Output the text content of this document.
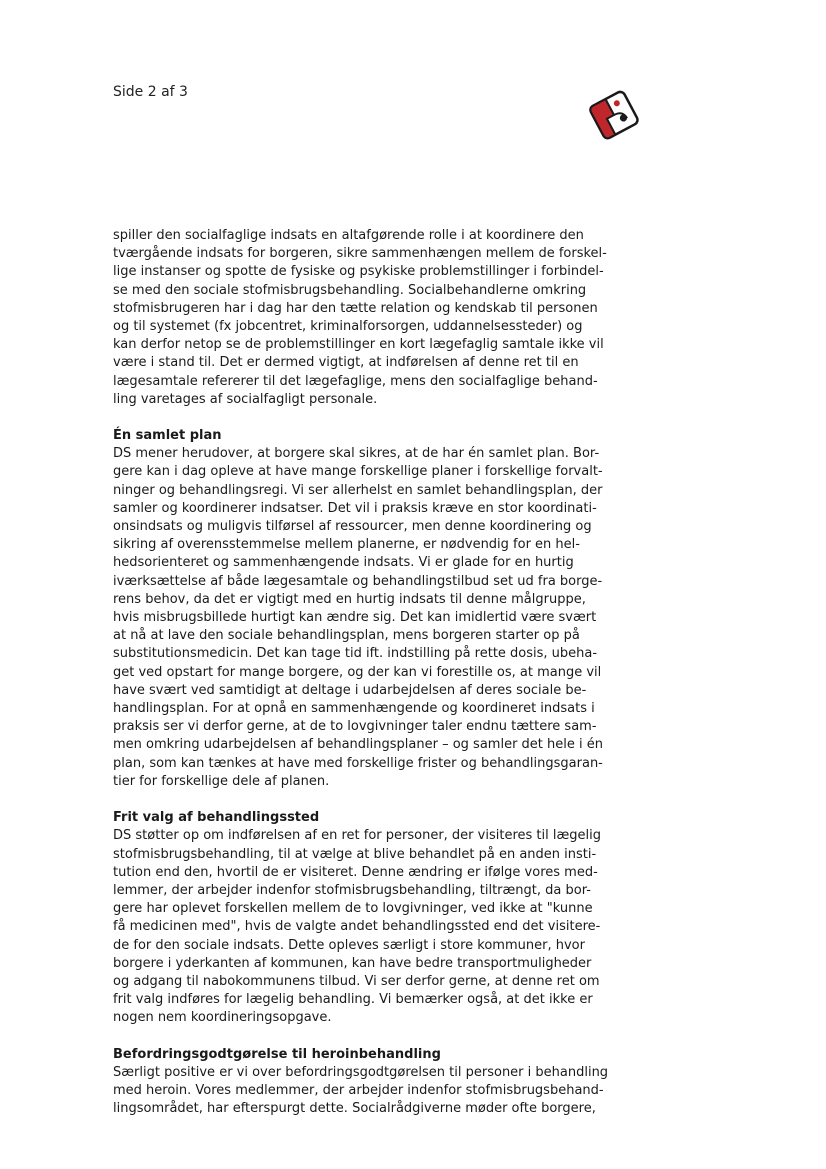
Side 2 af 3

spiller den socialfaglige indsats en altafgørende rolle i at koordinere den

tværgående indsats for borgeren, sikre sammenhængen mellem de forskel-

lige instanser og spotte de fysiske og psykiske problemstillinger i forbindel-

se med den sociale stofmisbrugsbehandling. Socialbehandlerne omkring

stofmisbrugeren har i dag har den tætte relation og kendskab til personen

og til systemet (fx jobcentret, kriminalforsorgen, uddannelsessteder) og

kan derfor netop se de problemstillinger en kort lægefaglig samtale ikke vil

være i stand til. Det er dermed vigtigt, at indførelsen af denne ret til en

lægesamtale refererer til det lægefaglige, mens den socialfaglige behand-

ling varetages af socialfagligt personale.

Én samlet plan

DS mener herudover, at borgere skal sikres, at de har én samlet plan. Bor-

gere kan i dag opleve at have mange forskellige planer i forskellige forvalt-

ninger og behandlingsregi. Vi ser allerhelst en samlet behandlingsplan, der

samler og koordinerer indsatser. Det vil i praksis kræve en stor koordinati-

onsindsats og muligvis tilførsel af ressourcer, men denne koordinering og

sikring af overensstemmelse mellem planerne, er nødvendig for en hel-

hedsorienteret og sammenhængende indsats. Vi er glade for en hurtig

iværksættelse af både lægesamtale og behandlingstilbud set ud fra borge-

rens behov, da det er vigtigt med en hurtig indsats til denne målgruppe,

hvis misbrugsbillede hurtigt kan ændre sig. Det kan imidlertid være svært

at nå at lave den sociale behandlingsplan, mens borgeren starter op på

substitutionsmedicin. Det kan tage tid ift. indstilling på rette dosis, ubeha-

get ved opstart for mange borgere, og der kan vi forestille os, at mange vil

have svært ved samtidigt at deltage i udarbejdelsen af deres sociale be-

handlingsplan. For at opnå en sammenhængende og koordineret indsats i

praksis ser vi derfor gerne, at de to lovgivninger taler endnu tættere sam-

men omkring udarbejdelsen af behandlingsplaner – og samler det hele i én

plan, som kan tænkes at have med forskellige frister og behandlingsgaran-

tier for forskellige dele af planen.

Frit valg af behandlingssted

DS støtter op om indførelsen af en ret for personer, der visiteres til lægelig

stofmisbrugsbehandling, til at vælge at blive behandlet på en anden insti-

tution end den, hvortil de er visiteret. Denne ændring er ifølge vores med-

lemmer, der arbejder indenfor stofmisbrugsbehandling, tiltrængt, da bor-

gere har oplevet forskellen mellem de to lovgivninger, ved ikke at "kunne

få medicinen med", hvis de valgte andet behandlingssted end det visitere-

de for den sociale indsats. Dette opleves særligt i store kommuner, hvor

borgere i yderkanten af kommunen, kan have bedre transportmuligheder

og adgang til nabokommunens tilbud. Vi ser derfor gerne, at denne ret om

frit valg indføres for lægelig behandling. Vi bemærker også, at det ikke er

nogen nem koordineringsopgave.

Befordringsgodtgørelse til heroinbehandling

Særligt positive er vi over befordringsgodtgørelsen til personer i behandling

med heroin. Vores medlemmer, der arbejder indenfor stofmisbrugsbehand-

lingsområdet, har efterspurgt dette. Socialrådgiverne møder ofte borgere,
